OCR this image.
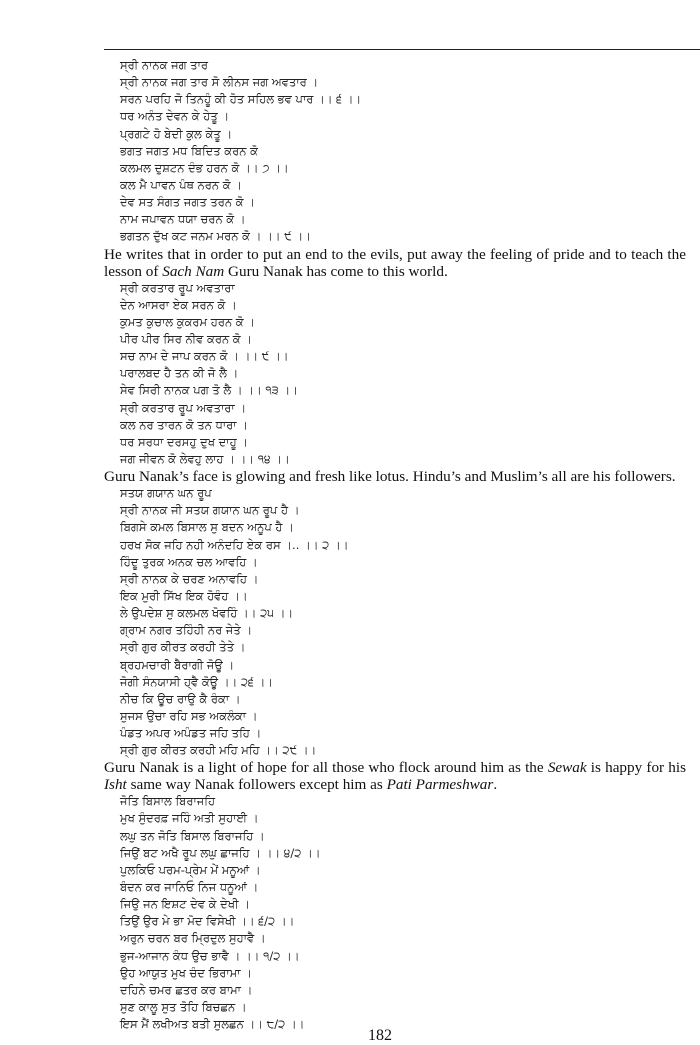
ਸ੍ਰੀ ਨਾਨਕ ਜਗ ਤਾਰ
ਸ੍ਰੀ ਨਾਨਕ ਜਗ ਤਾਰ ਸੋ ਲੀਨਸ ਜਗ ਅਵਤਾਰ ।
ਸਰਨ ਪਰਹਿ ਜੋ ਤਿਨਹੂੰ ਕੀ ਹੋਤ ਸਹਿਲ ਭਵ ਪਾਰ ।। ੬ ।।
ਧਰ ਅਨੰਤ ਦੇਵਨ ਕੇ ਹੇਤੂ ।
ਪ੍ਰਗਟੇ ਹੋ ਬੇਦੀ ਕੁਲ ਕੇਤੂ ।
ਭਗਤ ਜਗਤ ਮਧ ਬਿਦਿਤ ਕਰਨ ਕੋ
ਕਲਮਲ ਦੁਸ਼ਟਨ ਦੰਭ ਹਰਨ ਕੋ ।। ੭ ।।
ਕਲ ਮੈ ਪਾਵਨ ਪੰਥ ਨਰਨ ਕੋ ।
ਦੇਵ ਸਤ ਸੰਗਤ ਜਗਤ ਤਰਨ ਕੋ ।
ਨਾਮ ਜਪਾਵਨ ਧਯਾ ਚਰਨ ਕੋ ।
ਭਗਤਨ ਦੁੱਖ ਕਟ ਜਨਮ ਮਰਨ ਕੋ । ।। ੯ ।।

He writes that in order to put an end to the evils, put away the feeling of pride and to teach the lesson of Sach Nam Guru Nanak has come to this world.

ਸ੍ਰੀ ਕਰਤਾਰ ਰੂਪ ਅਵਤਾਰਾ
ਦੇਨ ਆਸਰਾ ਏਕ ਸਰਨ ਕੋ ।
ਕੁਮਤ ਕੁਚਾਲ ਕੁਕਰਮ ਹਰਨ ਕੋ ।
ਪੀਰ ਪੀਰ ਸਿਰ ਨੀਵ ਕਰਨ ਕੋ ।
ਸਚ ਨਾਮ ਦੇ ਜਾਪ ਕਰਨ ਕੋ । ।। ੯ ।।
ਪਰਾਲਬਦ ਹੈ ਤਨ ਕੀ ਜੋ ਲੈ ।
ਸੇਵ ਸਿਰੀ ਨਾਨਕ ਪਗ ਤੋ ਲੈ । ।। ੧੩ ।।
ਸ੍ਰੀ ਕਰਤਾਰ ਰੂਪ ਅਵਤਾਰਾ ।
ਕਲ ਨਰ ਤਾਰਨ ਕੋ ਤਨ ਧਾਰਾ ।
ਧਰ ਸਰਧਾ ਦਰਸਹੁ ਦੁਖ ਦਾਹੂ ।
ਜਗ ਜੀਵਨ ਕੋ ਲੇਵਹੁ ਲਾਹ । ।। ੧੪ ।।

Guru Nanak’s face is glowing and fresh like lotus. Hindu’s and Muslim’s all are his followers.

ਸਤਯ ਗਯਾਨ ਘਨ ਰੂਪ
ਸ੍ਰੀ ਨਾਨਕ ਜੀ ਸਤਯ ਗਯਾਨ ਘਨ ਰੂਪ ਹੈ ।
ਬਿਗਸੇ ਕਮਲ ਬਿਸਾਲ ਸੁ ਬਦਨ ਅਨੂਪ ਹੈ ।
ਹਰਖ ਸੋਕ ਜਹਿ ਨਹੀ ਅਨੰਦਹਿ ਏਕ ਰਸ ।.. ।। ੨ ।।
ਹਿੰਦੂ ਤੁਰਕ ਅਨਕ ਚਲ ਆਵਹਿ ।
ਸ੍ਰੀ ਨਾਨਕ ਕੇ ਚਰਣ ਅਨਾਵਹਿ ।
ਇਕ ਮੁਰੀ ਸਿੱਖ ਇਕ ਹੋਵੰਹ ।।
ਲੇ ਉਪਦੇਸ਼ ਸੁ ਕਲਮਲ ਖੋਵਹਿੰ ।। ੨੫ ।।
ਗ੍ਰਾਮ ਨਗਰ ਤਹਿੰਹੀ ਨਰ ਜੇਤੇ ।
ਸ੍ਰੀ ਗੁਰ ਕੀਰਤ ਕਰਹੀ ਤੇਤੇ ।
ਬ੍ਰਹਮਚਾਰੀ ਬੈਰਾਗੀ ਜੋਊ ।
ਜੋਗੀ ਸੰਨਯਾਸੀ ਹ੍ਵੈ ਕੋਊ ।। ੨੬ ।।
ਨੀਚ ਕਿ ਊਚ ਰਾਉ ਕੈ ਰੰਕਾ ।
ਸੁਜਸ ਉਚਾ ਰਹਿ ਸਭ ਅਕਲੰਕਾ ।
ਪੰਡਤ ਅਪਰ ਅਪੰਡਤ ਜਹਿ ਤਹਿ ।
ਸ੍ਰੀ ਗੁਰ ਕੀਰਤ ਕਰਹੀ ਮਹਿ ਮਹਿ ।। ੨੯ ।।

Guru Nanak is a light of hope for all those who flock around him as the Sewak is happy for his Isht same way Nanak followers except him as Pati Parmeshwar.

ਜੋਤਿ ਬਿਸਾਲ ਬਿਰਾਜਹਿ
ਮੁਖ ਸੁੰਦਰਫ਼ ਜਹਿੰ ਅਤੀ ਸੁਹਾਈ ।
ਲਘੁ ਤਨ ਜੋਤਿ ਬਿਸਾਲ ਬਿਰਾਜਹਿ ।
ਜਿਉਂ ਬਟ ਅਖੈ ਰੂਪ ਲਘੁ ਛਾਜਹਿ । ।। ੪/੨ ।।
ਪੁਲਕਿਓ ਪਰਮ-ਪ੍ਰੇਮ ਮੇਂ ਮਨੂਆਂ ।
ਬੰਦਨ ਕਰ ਜਾਨਿਓ ਨਿਜ ਧਨੂਆਂ ।
ਜਿਉ ਜਨ ਇਸ਼ਟ ਦੇਵ ਕੇ ਦੇਖੀ ।
ਤਿਉਂ ਉਰ ਮੇ ਭਾ ਮੋਦ ਵਿਸੇਖੀ ।। ੬/੨ ।।
ਅਰੁਨ ਚਰਨ ਬਰ ਮ੍ਰਿਦੁਲ ਸੁਹਾਵੈ ।
ਭੁਜ-ਆਜਾਨ ਕੰਧ ਉਚ ਭਾਵੈ । ।। ੧/੨ ।।
ਉਹ ਆਯੁਤ ਮੁਖ ਚੰਦ ਭਿਰਾਮਾ ।
ਦਹਿਨੇ ਚਮਰ ਛਤਰ ਕਰ ਬਾਮਾ ।
ਸੁਣ ਕਾਲੂ ਸੁਤ ਤੋਹਿ ਬਿਚਛਨ ।
ਇਸ ਮੈਂ ਲਖੀਅਤ ਬਤੀ ਸੁਲਛਨ ।। ੮/੨ ।।
182
